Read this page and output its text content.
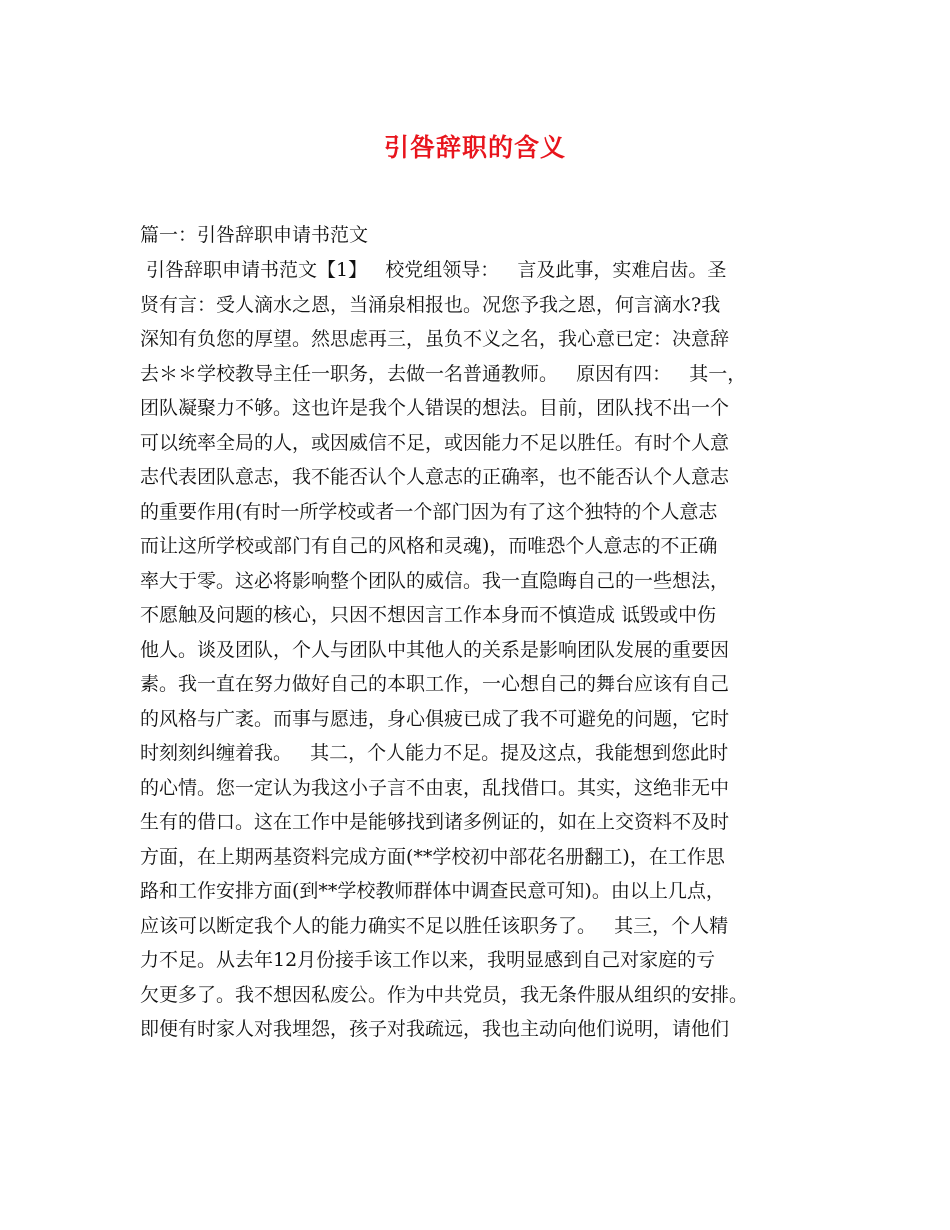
引咎辞职的含义

篇一：引咎辞职申请书范文

引咎辞职申请书范文【1】   校党组领导：   言及此事，实难启齿。圣
贤有言：受人滴水之恩，当涌泉相报也。况您予我之恩，何言滴水?我
深知有负您的厚望。然思虑再三，虽负不义之名，我心意已定：决意辞
去＊＊学校教导主任一职务，去做一名普通教师。   原因有四：   其一，
团队凝聚力不够。这也许是我个人错误的想法。目前，团队找不出一个
可以统率全局的人，或因威信不足，或因能力不足以胜任。有时个人意
志代表团队意志，我不能否认个人意志的正确率，也不能否认个人意志
的重要作用(有时一所学校或者一个部门因为有了这个独特的个人意志
而让这所学校或部门有自己的风格和灵魂)，而唯恐个人意志的不正确
率大于零。这必将影响整个团队的威信。我一直隐晦自己的一些想法，
不愿触及问题的核心，只因不想因言工作本身而不慎造成 诋毁或中伤
他人。谈及团队，个人与团队中其他人的关系是影响团队发展的重要因
素。我一直在努力做好自己的本职工作，一心想自己的舞台应该有自己
的风格与广袤。而事与愿违，身心俱疲已成了我不可避免的问题，它时
时刻刻纠缠着我。   其二，个人能力不足。提及这点，我能想到您此时
的心情。您一定认为我这小子言不由衷，乱找借口。其实，这绝非无中
生有的借口。这在工作中是能够找到诸多例证的，如在上交资料不及时
方面，在上期两基资料完成方面(**学校初中部花名册翻工)，在工作思
路和工作安排方面(到**学校教师群体中调查民意可知)。由以上几点，
应该可以断定我个人的能力确实不足以胜任该职务了。   其三，个人精
力不足。从去年12月份接手该工作以来，我明显感到自己对家庭的亏
欠更多了。我不想因私废公。作为中共党员，我无条件服从组织的安排。
即便有时家人对我埋怨，孩子对我疏远，我也主动向他们说明，请他们
